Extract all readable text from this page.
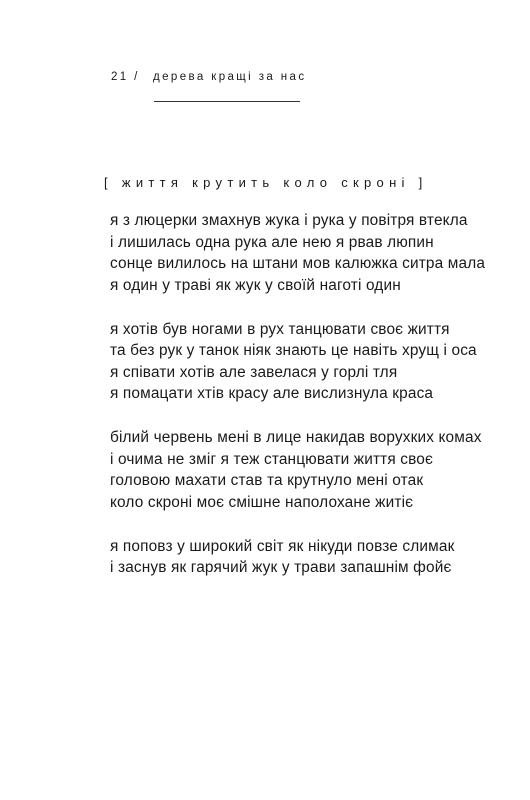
21 / дерева кращі за нас
[ життя крутить коло скроні ]
я з люцерки змахнув жука і рука у повітря втекла
і лишилась одна рука але нею я рвав люпин
сонце вилилось на штани мов калюжка ситра мала
я один у траві як жук у своїй наготі один
я хотів був ногами в рух танцювати своє життя
та без рук у танок ніяк знають це навіть хрущ і оса
я співати хотів але завелася у горлі тля
я помацати хтів красу але вислизнула краса
білий червень мені в лице накидав ворухких комах
і очима не зміг я теж станцювати життя своє
головою махати став та крутнуло мені отак
коло скроні моє смішне наполохане житіє
я поповз у широкий світ як нікуди повзе слимак
і заснув як гарячий жук у трави запашнім фойє
